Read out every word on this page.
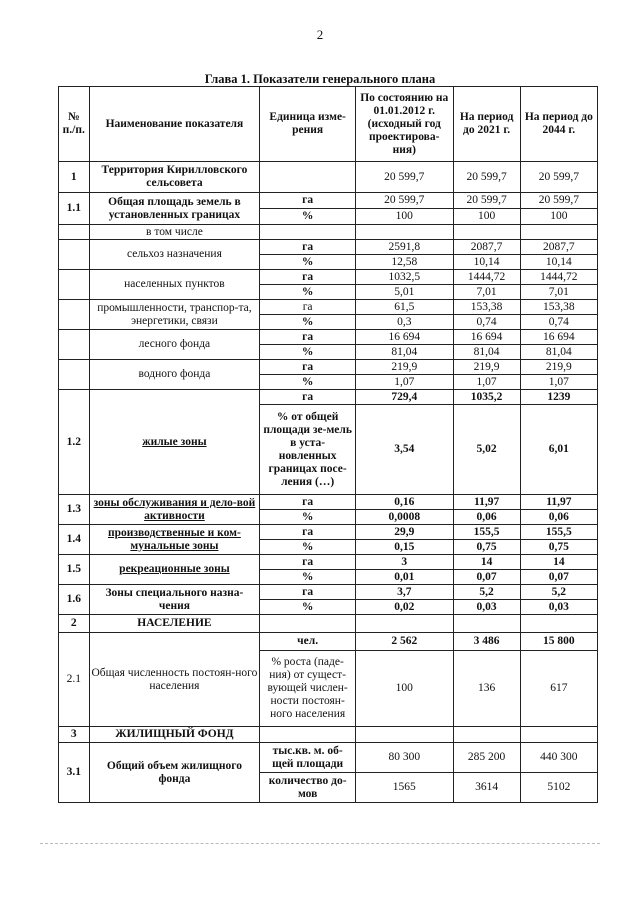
2
Глава 1. Показатели генерального плана
№ п./п.	Наименование показателя	Единица изме-рения	По состоянию на 01.01.2012 г. (исходный год проектирова-ния)	На период до 2021 г.	На период до 2044 г.
1	Территория Кирилловского сельсовета		20 599,7	20 599,7	20 599,7
1.1	Общая площадь земель в установленных границах	га	20 599,7	20 599,7	20 599,7
		%	100	100	100
	в том числе				
	сельхоз назначения	га	2591,8	2087,7	2087,7
		%	12,58	10,14	10,14
	населенных пунктов	га	1032,5	1444,72	1444,72
		%	5,01	7,01	7,01
	промышленности, транспор-та, энергетики, связи	га	61,5	153,38	153,38
		%	0,3	0,74	0,74
	лесного фонда	га	16 694	16 694	16 694
		%	81,04	81,04	81,04
	водного фонда	га	219,9	219,9	219,9
		%	1,07	1,07	1,07
1.2	жилые зоны	га	729,4	1035,2	1239
		% от общей площади зе-мель в уста-новленных границах посе-ления (…)	3,54	5,02	6,01
1.3	зоны обслуживания и дело-вой активности	га	0,16	11,97	11,97
		%	0,0008	0,06	0,06
1.4	производственные и ком-мунальные зоны	га	29,9	155,5	155,5
		%	0,15	0,75	0,75
1.5	рекреационные зоны	га	3	14	14
		%	0,01	0,07	0,07
1.6	Зоны специального назна-чения	га	3,7	5,2	5,2
		%	0,02	0,03	0,03
2	НАСЕЛЕНИЕ				
2.1	Общая численность постоян-ного населения	чел.	2 562	3 486	15 800
		% роста (паде-ния) от сущест-вующей числен-ности постоян-ного населения	100	136	617
3	ЖИЛИЩНЫЙ ФОНД				
3.1	Общий объем жилищного фонда	тыс.кв. м. об-щей площади	80 300	285 200	440 300
		количество до-мов	1565	3614	5102
